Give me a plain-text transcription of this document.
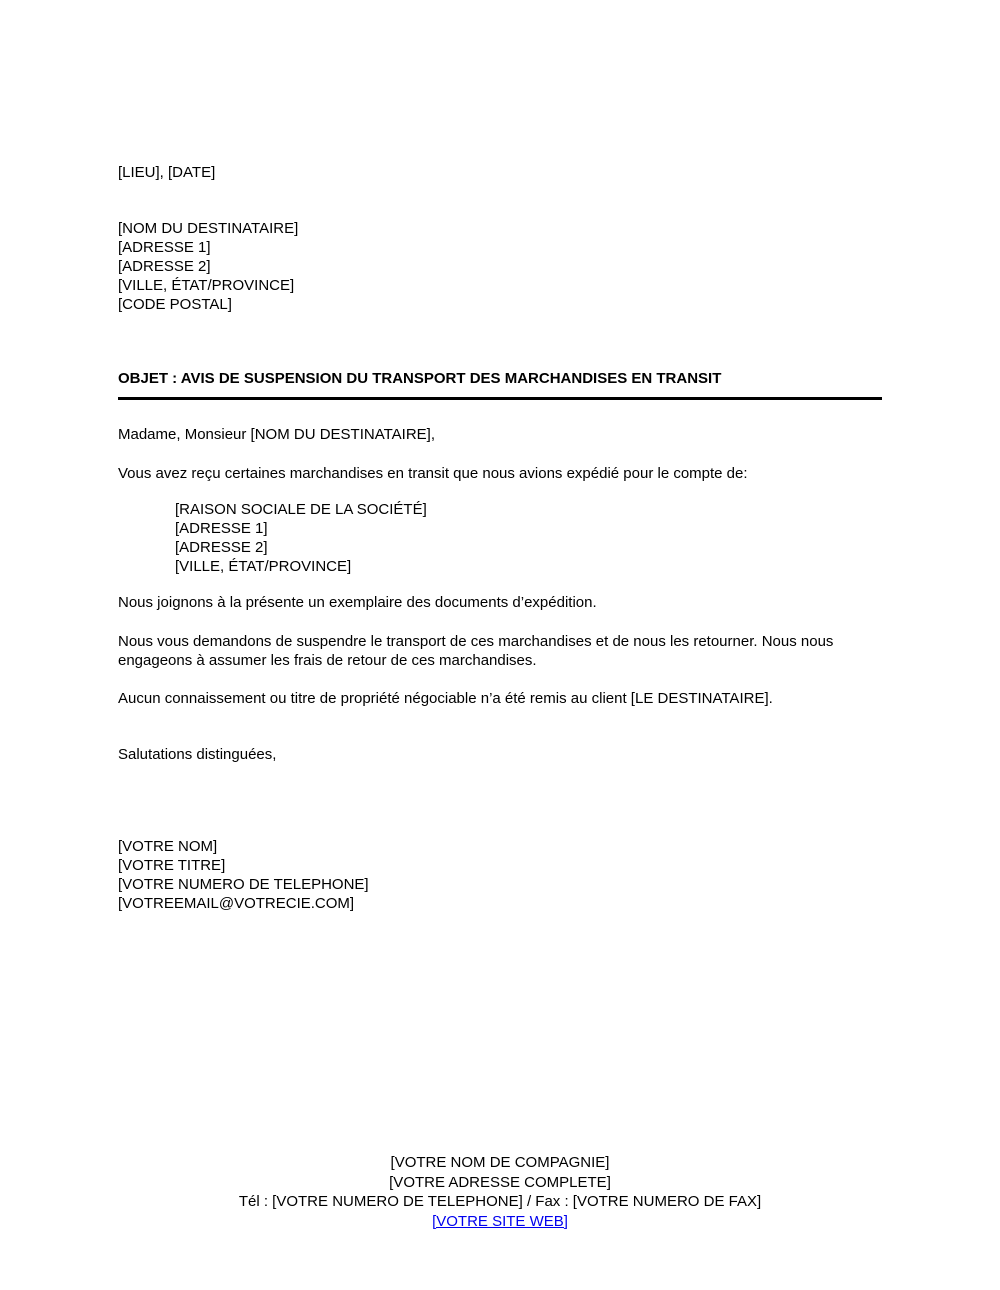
[LIEU], [DATE]

[NOM DU DESTINATAIRE]

[ADRESSE 1]

[ADRESSE 2]

[VILLE, ÉTAT/PROVINCE]

[CODE POSTAL]

OBJET : AVIS DE SUSPENSION DU TRANSPORT DES MARCHANDISES EN TRANSIT

Madame, Monsieur [NOM DU DESTINATAIRE],

Vous avez reçu certaines marchandises en transit que nous avions expédié pour le compte de:

[RAISON SOCIALE DE LA SOCIÉTÉ]

[ADRESSE 1]

[ADRESSE 2]

[VILLE, ÉTAT/PROVINCE]

Nous joignons à la présente un exemplaire des documents d’expédition.

Nous vous demandons de suspendre le transport de ces marchandises et de nous les retourner. Nous nous engageons à assumer les frais de retour de ces marchandises.

Aucun connaissement ou titre de propriété négociable n’a été remis au client [LE DESTINATAIRE].

Salutations distinguées,

[VOTRE NOM]

[VOTRE TITRE]

[VOTRE NUMERO DE TELEPHONE]

[VOTREEMAIL@VOTRECIE.COM]

[VOTRE NOM DE COMPAGNIE]

[VOTRE ADRESSE COMPLETE]

Tél : [VOTRE NUMERO DE TELEPHONE] / Fax : [VOTRE NUMERO DE FAX]

[VOTRE SITE WEB]
